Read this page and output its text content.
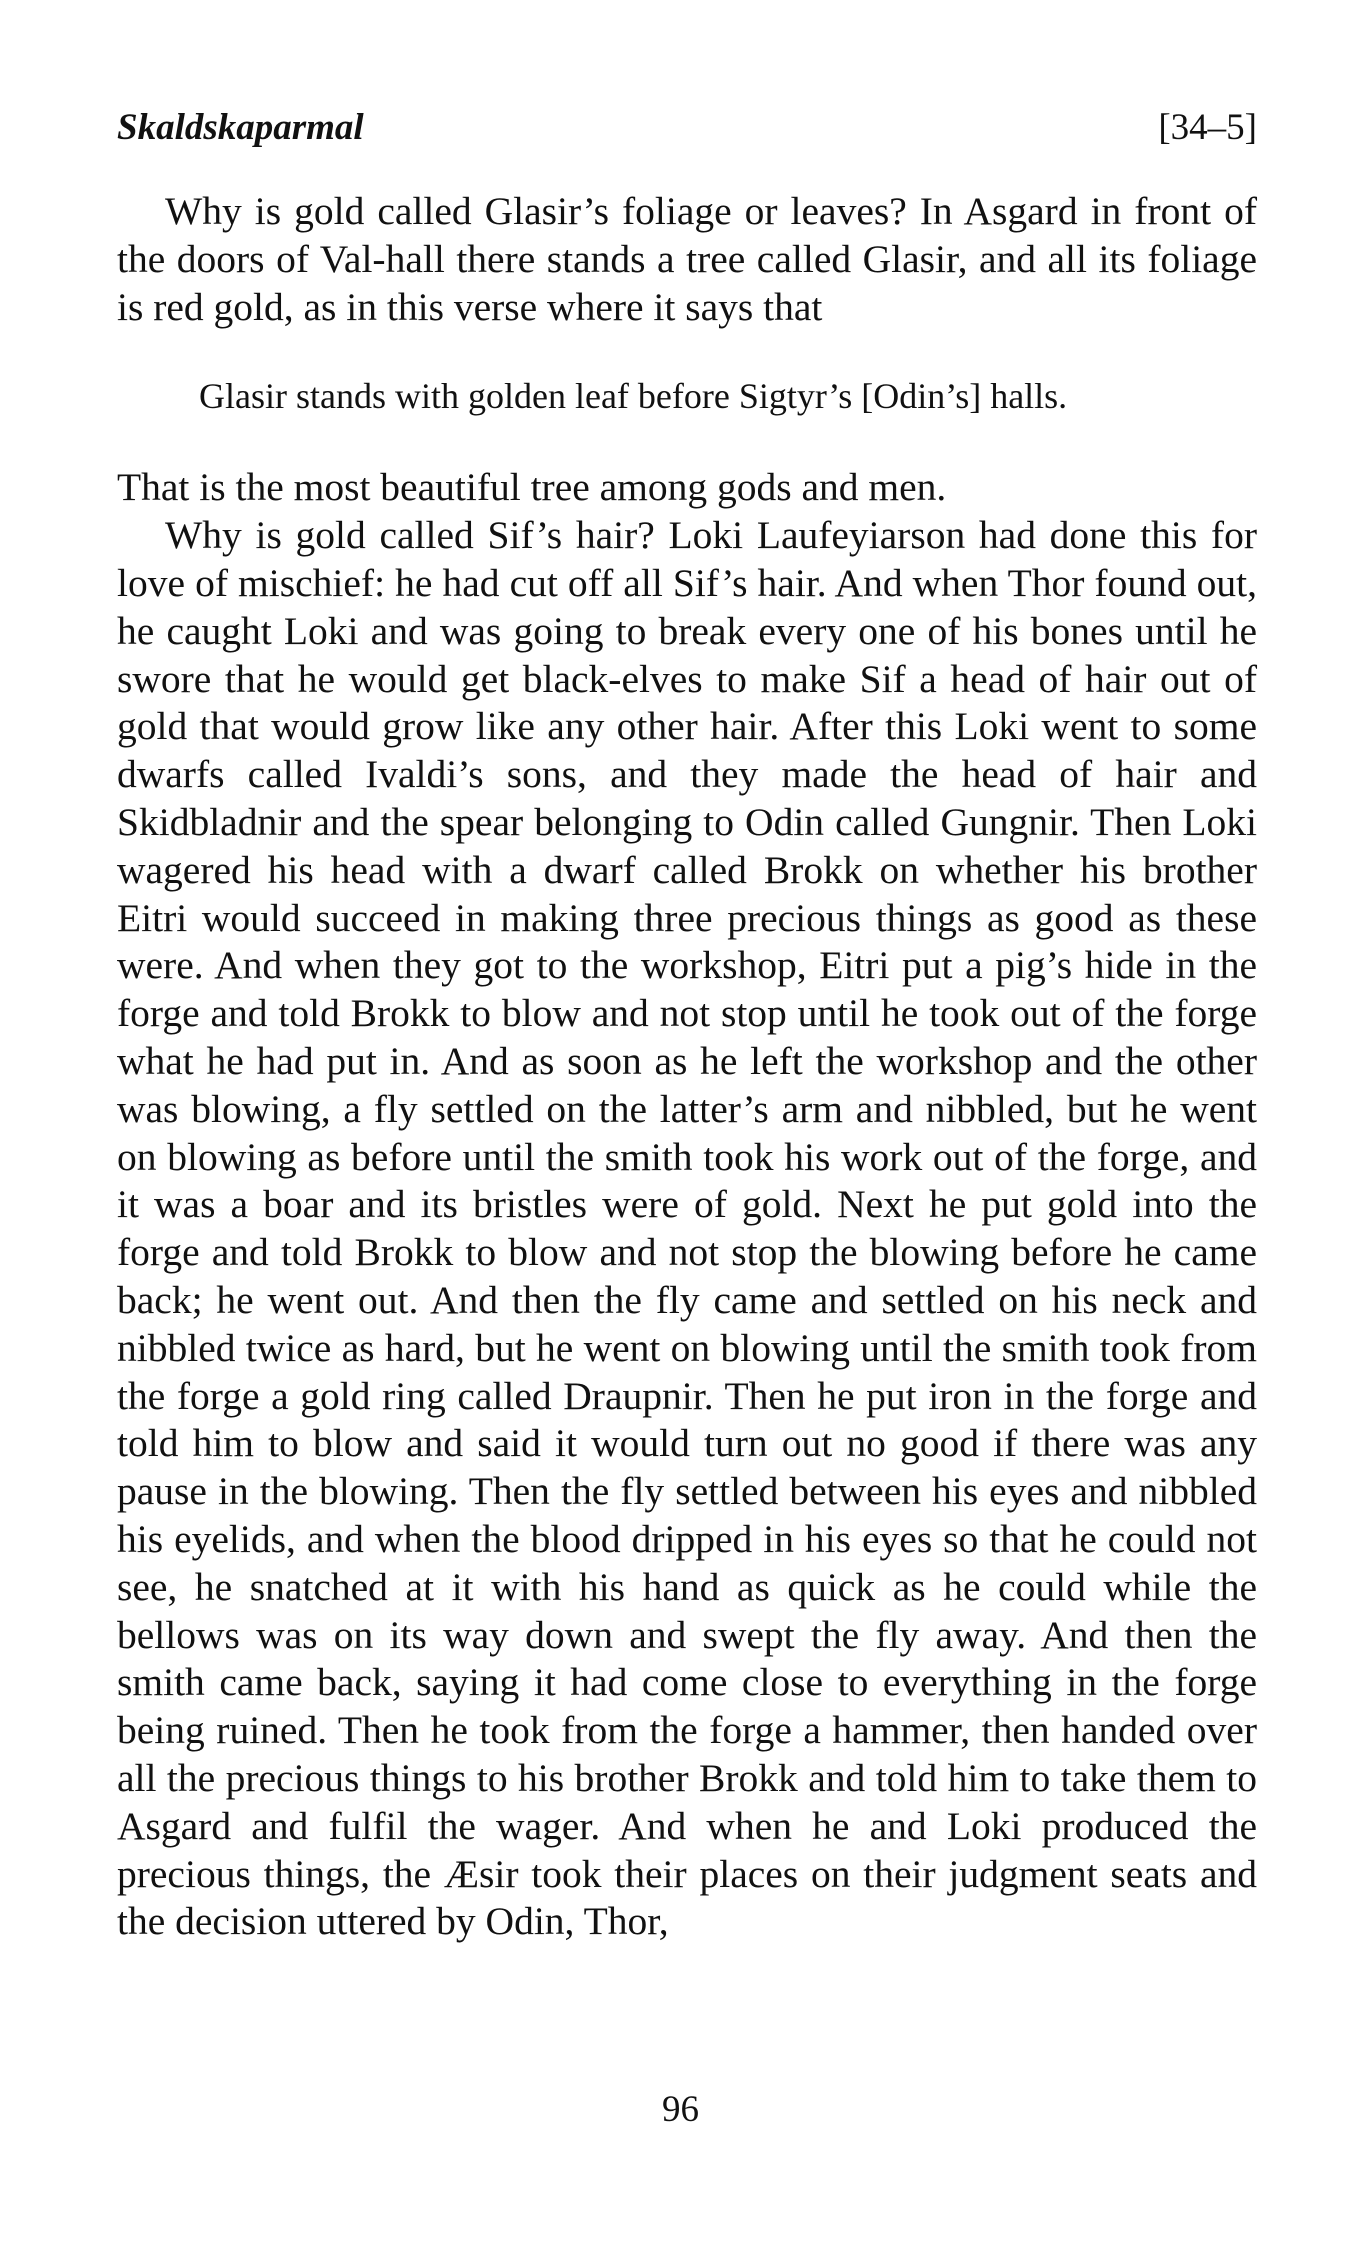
Skaldskaparmal	[34–5]

Why is gold called Glasir’s foliage or leaves? In Asgard in front of the doors of Val-hall there stands a tree called Glasir, and all its foliage is red gold, as in this verse where it says that

Glasir stands with golden leaf before Sigtyr’s [Odin’s] halls.

That is the most beautiful tree among gods and men.

Why is gold called Sif’s hair? Loki Laufeyiarson had done this for love of mischief: he had cut off all Sif’s hair. And when Thor found out, he caught Loki and was going to break every one of his bones until he swore that he would get black-elves to make Sif a head of hair out of gold that would grow like any other hair. After this Loki went to some dwarfs called Ivaldi’s sons, and they made the head of hair and Skidbladnir and the spear belonging to Odin called Gungnir. Then Loki wagered his head with a dwarf called Brokk on whether his brother Eitri would succeed in making three precious things as good as these were. And when they got to the workshop, Eitri put a pig’s hide in the forge and told Brokk to blow and not stop until he took out of the forge what he had put in. And as soon as he left the workshop and the other was blowing, a fly settled on the latter’s arm and nibbled, but he went on blowing as before until the smith took his work out of the forge, and it was a boar and its bristles were of gold. Next he put gold into the forge and told Brokk to blow and not stop the blowing before he came back; he went out. And then the fly came and settled on his neck and nibbled twice as hard, but he went on blowing until the smith took from the forge a gold ring called Draupnir. Then he put iron in the forge and told him to blow and said it would turn out no good if there was any pause in the blowing. Then the fly settled between his eyes and nibbled his eyelids, and when the blood dripped in his eyes so that he could not see, he snatched at it with his hand as quick as he could while the bellows was on its way down and swept the fly away. And then the smith came back, saying it had come close to everything in the forge being ruined. Then he took from the forge a hammer, then handed over all the precious things to his brother Brokk and told him to take them to Asgard and fulfil the wager. And when he and Loki produced the precious things, the Æsir took their places on their judgment seats and the decision uttered by Odin, Thor,

96
